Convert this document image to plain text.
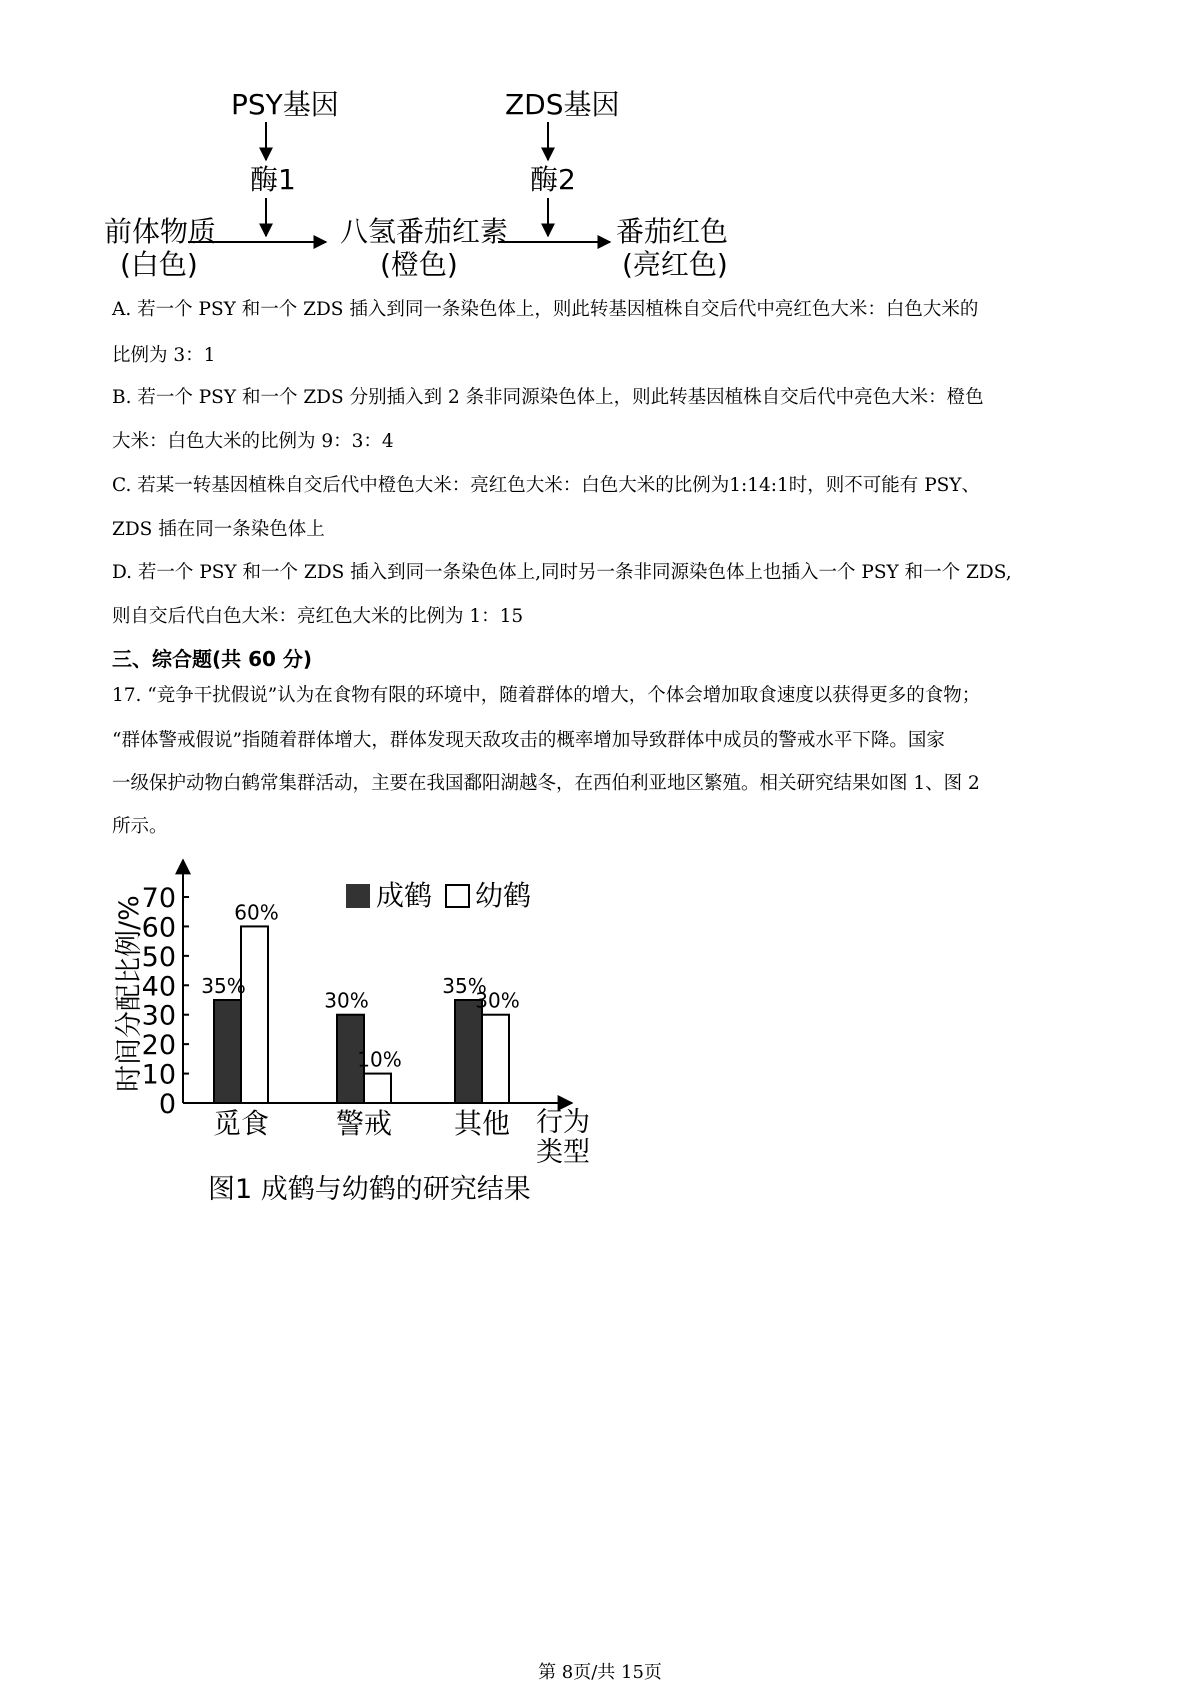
PSY基因
酶1
ZDS基因
酶2
前体物质
(白色)
八氢番茄红素
(橙色)
番茄红色
(亮红色)
A. 若一个 PSY 和一个 ZDS 插入到同一条染色体上，则此转基因植株自交后代中亮红色大米：白色大米的
比例为 3：1
B. 若一个 PSY 和一个 ZDS 分别插入到 2 条非同源染色体上，则此转基因植株自交后代中亮色大米：橙色
大米：白色大米的比例为 9：3：4
C. 若某一转基因植株自交后代中橙色大米：亮红色大米：白色大米的比例为1:14:1时，则不可能有 PSY、
ZDS 插在同一条染色体上
D. 若一个 PSY 和一个 ZDS 插入到同一条染色体上,同时另一条非同源染色体上也插入一个 PSY 和一个 ZDS,
则自交后代白色大米：亮红色大米的比例为 1：15
三、综合题(共 60 分)
17. “竞争干扰假说”认为在食物有限的环境中，随着群体的增大，个体会增加取食速度以获得更多的食物；
“群体警戒假说”指随着群体增大，群体发现天敌攻击的概率增加导致群体中成员的警戒水平下降。国家
一级保护动物白鹤常集群活动，主要在我国鄱阳湖越冬，在西伯利亚地区繁殖。相关研究结果如图 1、图 2
所示。
0
10
20
30
40
50
60
70
35%
60%
觅食
30%
10%
警戒
35%
30%
其他
时间分配比例/%
行为
类型
图1 成鹤与幼鹤的研究结果
成鹤 幼鹤
第 8页/共 15页
